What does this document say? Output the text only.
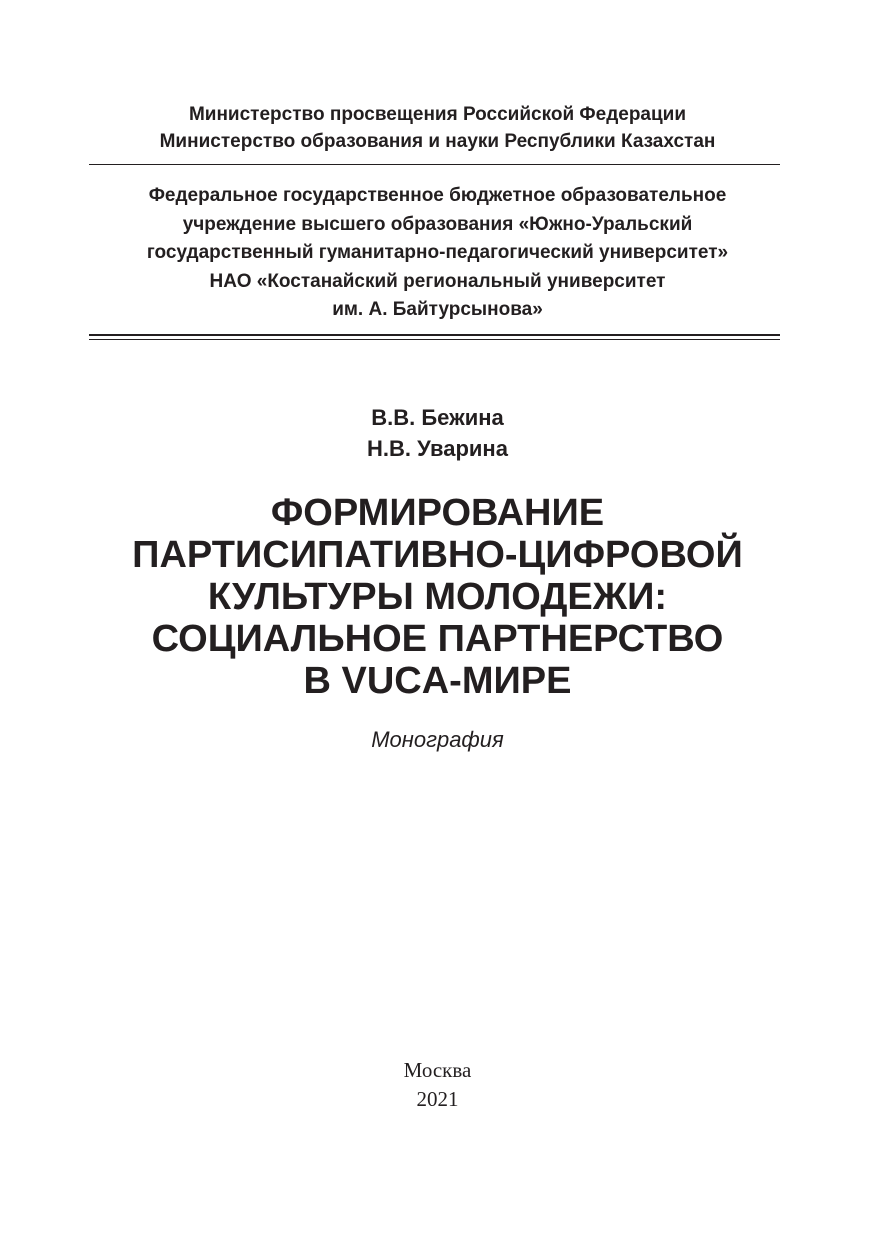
Министерство просвещения Российской Федерации
Министерство образования и науки Республики Казахстан
Федеральное государственное бюджетное образовательное
учреждение высшего образования «Южно-Уральский
государственный гуманитарно-педагогический университет»
НАО «Костанайский региональный университет
им. А. Байтурсынова»
В.В. Бежина
Н.В. Уварина
ФОРМИРОВАНИЕ
ПАРТИСИПАТИВНО-ЦИФРОВОЙ
КУЛЬТУРЫ МОЛОДЕЖИ:
СОЦИАЛЬНОЕ ПАРТНЕРСТВО
В VUCA-МИРЕ
Монография
Москва
2021
